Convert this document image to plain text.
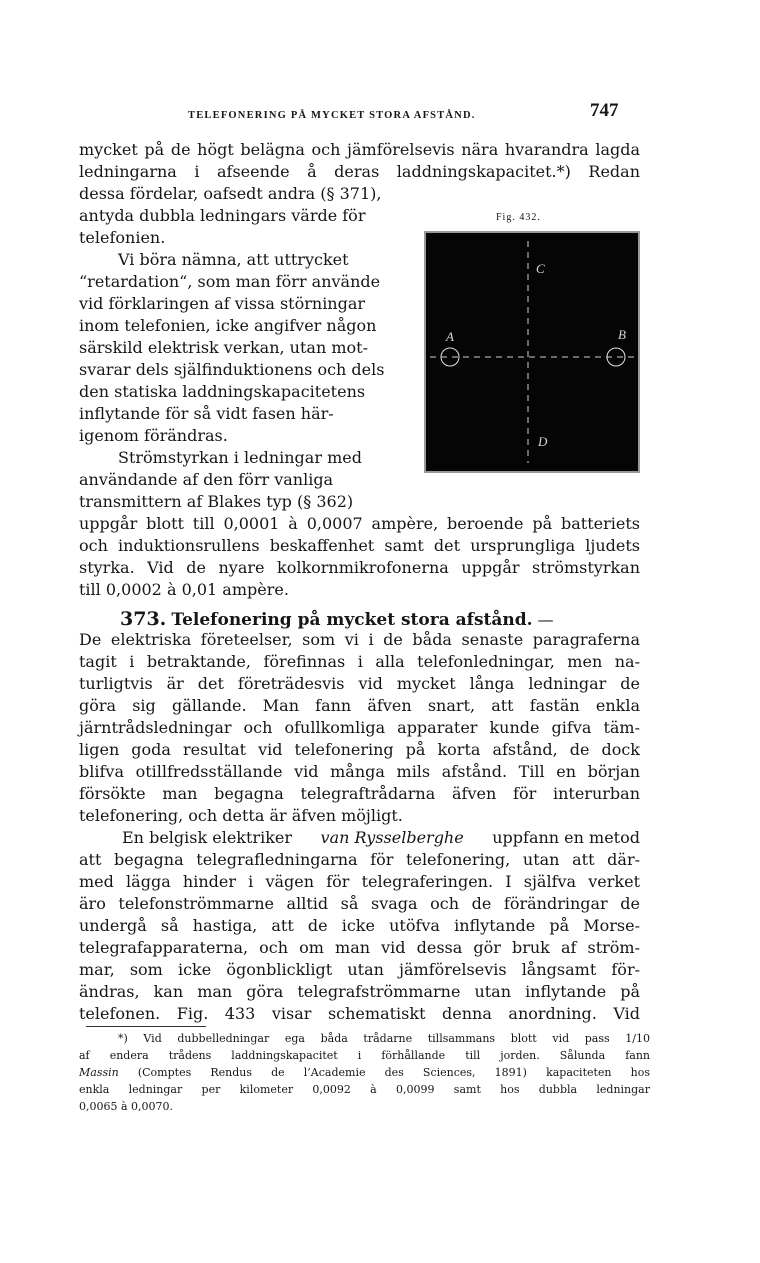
TELEFONERING PÅ MYCKET STORA AFSTÅND.	747
mycket på de högt belägna och jämförelsevis nära hvarandra lagda
ledningarna i afseende å deras laddningskapacitet.*) Redan
dessa fördelar, oafsedt andra (§ 371),
antyda dubbla ledningars värde för
telefonien.
Vi böra nämna, att uttrycket
“retardation“, som man förr använde
vid förklaringen af vissa störningar
inom telefonien, icke angifver någon
särskild elektrisk verkan, utan mot-
svarar dels själfinduktionens och dels
den statiska laddningskapacitetens
inflytande för så vidt fasen här-
igenom förändras.
Strömstyrkan i ledningar med
användande af den förr vanliga
transmittern af Blakes typ (§ 362)
uppgår blott till 0,0001 à 0,0007 ampère, beroende på batteriets
och induktionsrullens beskaffenhet samt det ursprungliga ljudets
styrka. Vid de nyare kolkornmikrofonerna uppgår strömstyrkan
till 0,0002 à 0,01 ampère.
Fig. 432.
C
A	B
D
373. Telefonering på mycket stora afstånd. —
De elektriska företeelser, som vi i de båda senaste paragraferna
tagit i betraktande, förefinnas i alla telefonledningar, men na-
turligtvis är det företrädesvis vid mycket långa ledningar de
göra sig gällande. Man fann äfven snart, att fastän enkla
järntrådsledningar och ofullkomliga apparater kunde gifva täm-
ligen goda resultat vid telefonering på korta afstånd, de dock
blifva otillfredsställande vid många mils afstånd. Till en början
försökte man begagna telegraftrådarna äfven för interurban
telefonering, och detta är äfven möjligt.
En belgisk elektriker van Rysselberghe uppfann en metod
att begagna telegrafledningarna för telefonering, utan att där-
med lägga hinder i vägen för telegraferingen. I själfva verket
äro telefonströmmarne alltid så svaga och de förändringar de
undergå så hastiga, att de icke utöfva inflytande på Morse-
telegrafapparaterna, och om man vid dessa gör bruk af ström-
mar, som icke ögonblickligt utan jämförelsevis långsamt för-
ändras, kan man göra telegrafströmmarne utan inflytande på
telefonen. Fig. 433 visar schematiskt denna anordning. Vid
*) Vid dubbelledningar ega båda trådarne tillsammans blott vid pass 1/10
af endera trådens laddningskapacitet i förhållande till jorden. Sålunda fann
Massin (Comptes Rendus de l’Academie des Sciences, 1891) kapaciteten hos
enkla ledningar per kilometer 0,0092 à 0,0099 samt hos dubbla ledningar
0,0065 à 0,0070.
